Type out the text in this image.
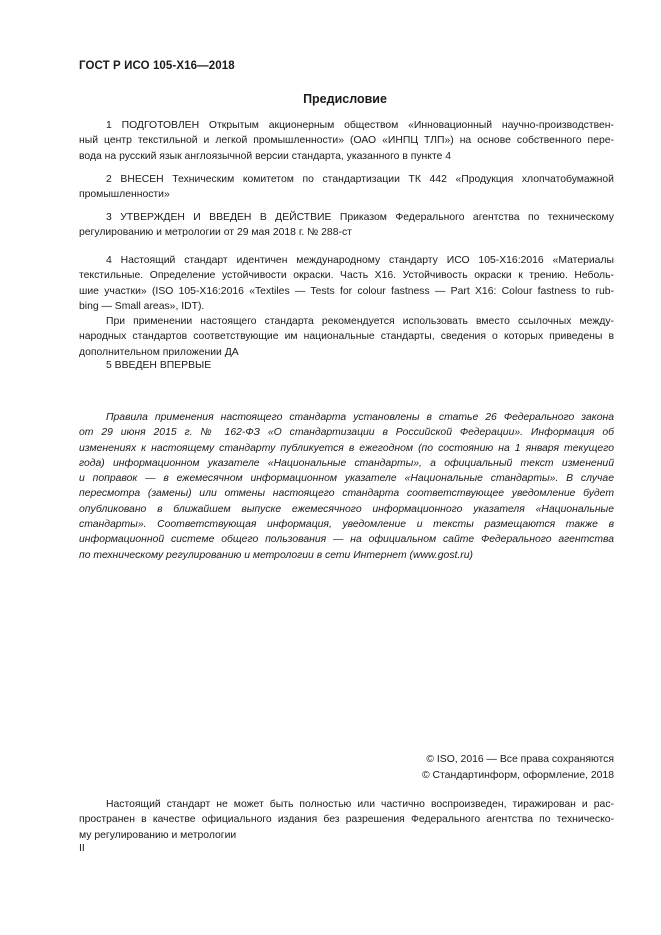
ГОСТ Р ИСО 105-X16—2018
Предисловие
1 ПОДГОТОВЛЕН Открытым акционерным обществом «Инновационный научно-производствен-
ный центр текстильной и легкой промышленности» (ОАО «ИНПЦ ТЛП») на основе собственного пере-
вода на русский язык англоязычной версии стандарта, указанного в пункте 4
2 ВНЕСЕН Техническим комитетом по стандартизации ТК 442 «Продукция хлопчатобумажной
промышленности»
3 УТВЕРЖДЕН И ВВЕДЕН В ДЕЙСТВИЕ Приказом Федерального агентства по техническому
регулированию и метрологии от 29 мая 2018 г. № 288-ст
4 Настоящий стандарт идентичен международному стандарту ИСО 105-X16:2016 «Материалы
текстильные. Определение устойчивости окраски. Часть X16. Устойчивость окраски к трению. Неболь-
шие участки» (ISO 105-X16:2016 «Textiles — Tests for colour fastness — Part X16: Colour fastness to rub-
bing — Small areas», IDT).
При применении настоящего стандарта рекомендуется использовать вместо ссылочных между-
народных стандартов соответствующие им национальные стандарты, сведения о которых приведены в
дополнительном приложении ДА
5 ВВЕДЕН ВПЕРВЫЕ
Правила применения настоящего стандарта установлены в статье 26 Федерального закона
от 29 июня 2015 г. № 162-ФЗ «О стандартизации в Российской Федерации». Информация об
изменениях к настоящему стандарту публикуется в ежегодном (по состоянию на 1 января текущего
года) информационном указателе «Национальные стандарты», а официальный текст изменений
и поправок — в ежемесячном информационном указателе «Национальные стандарты». В случае
пересмотра (замены) или отмены настоящего стандарта соответствующее уведомление будет
опубликовано в ближайшем выпуске ежемесячного информационного указателя «Национальные
стандарты». Соответствующая информация, уведомление и тексты размещаются также в
информационной системе общего пользования — на официальном сайте Федерального агентства
по техническому регулированию и метрологии в сети Интернет (www.gost.ru)
© ISO, 2016 — Все права сохраняются
© Стандартинформ, оформление, 2018
Настоящий стандарт не может быть полностью или частично воспроизведен, тиражирован и рас-
пространен в качестве официального издания без разрешения Федерального агентства по техническо-
му регулированию и метрологии
II
